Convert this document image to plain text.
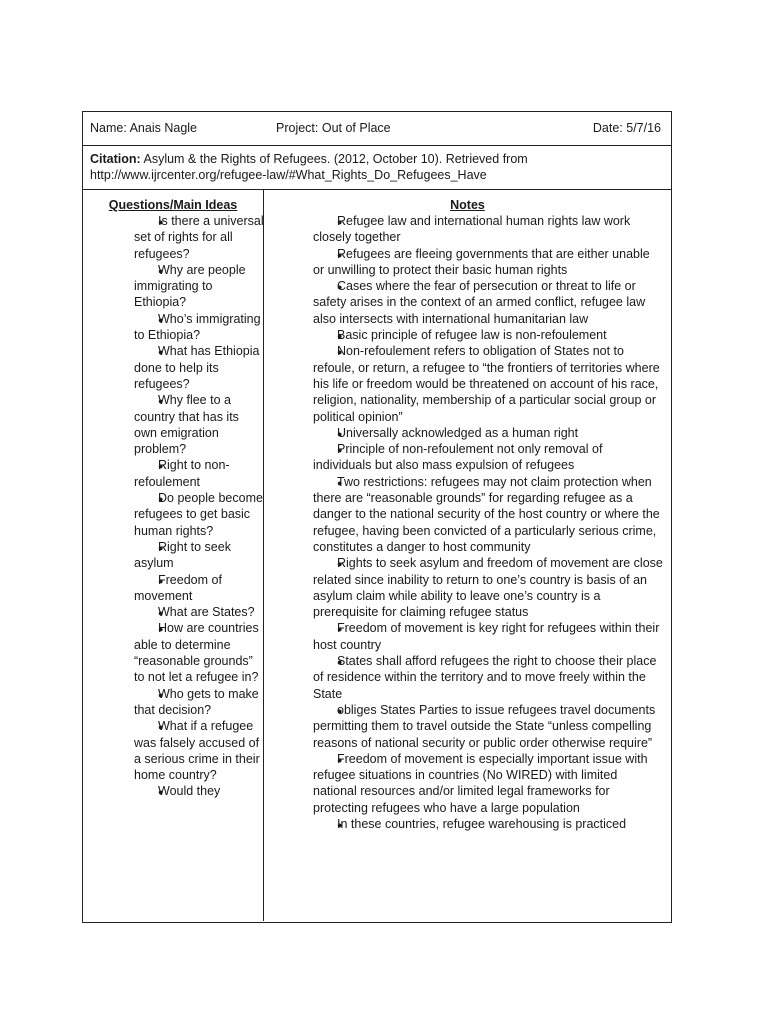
Name: Anais Nagle	Project: Out of Place	Date: 5/7/16
Citation: Asylum & the Rights of Refugees. (2012, October 10). Retrieved from
http://www.ijrcenter.org/refugee-law/#What_Rights_Do_Refugees_Have
Questions/Main Ideas
● Is there a universal set of rights for all refugees?
● Why are people immigrating to Ethiopia?
● Who’s immigrating to Ethiopia?
● What has Ethiopia done to help its refugees?
● Why flee to a country that has its own emigration problem?
● Right to non-refoulement
● Do people become refugees to get basic human rights?
● Right to seek asylum
● Freedom of movement
● What are States?
● How are countries able to determine “reasonable grounds” to not let a refugee in?
● Who gets to make that decision?
● What if a refugee was falsely accused of a serious crime in their home country?
● Would they
Notes
● Refugee law and international human rights law work closely together
● Refugees are fleeing governments that are either unable or unwilling to protect their basic human rights
● Cases where the fear of persecution or threat to life or safety arises in the context of an armed conflict, refugee law also intersects with international humanitarian law
● Basic principle of refugee law is non-refoulement
● Non-refoulement refers to obligation of States not to refoule, or return, a refugee to “the frontiers of territories where his life or freedom would be threatened on account of his race, religion, nationality, membership of a particular social group or political opinion”
● Universally acknowledged as a human right
● Principle of non-refoulement not only removal of individuals but also mass expulsion of refugees
● Two restrictions: refugees may not claim protection when there are “reasonable grounds” for regarding refugee as a danger to the national security of the host country or where the refugee, having been convicted of a particularly serious crime, constitutes a danger to host community
● Rights to seek asylum and freedom of movement are close related since inability to return to one’s country is basis of an asylum claim while ability to leave one’s country is a prerequisite for claiming refugee status
● Freedom of movement is key right for refugees within their host country
● States shall afford refugees the right to choose their place of residence within the territory and to move freely within the State
● obliges States Parties to issue refugees travel documents permitting them to travel outside the State “unless compelling reasons of national security or public order otherwise require”
● Freedom of movement is especially important issue with refugee situations in countries (No WIRED) with limited national resources and/or limited legal frameworks for protecting refugees who have a large population
● In these countries, refugee warehousing is practiced
